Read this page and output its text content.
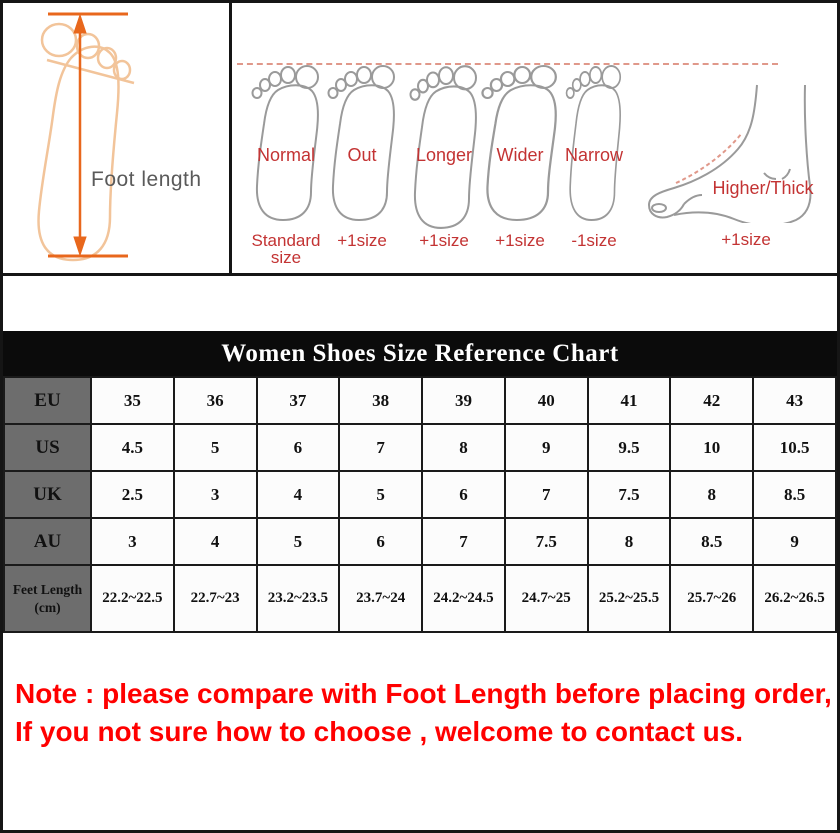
Foot length
Normal
Standard size
Out
+1size
Longer
+1size
Wider
+1size
Narrow
-1size
Higher/Thick
+1size
Women Shoes Size Reference Chart
EU	35	36	37	38	39	40	41	42	43
US	4.5	5	6	7	8	9	9.5	10	10.5
UK	2.5	3	4	5	6	7	7.5	8	8.5
AU	3	4	5	6	7	7.5	8	8.5	9
Feet Length (cm)	22.2~22.5	22.7~23	23.2~23.5	23.7~24	24.2~24.5	24.7~25	25.2~25.5	25.7~26	26.2~26.5
Note : please compare with Foot Length before placing order,
If you not sure how to choose , welcome to contact us.
